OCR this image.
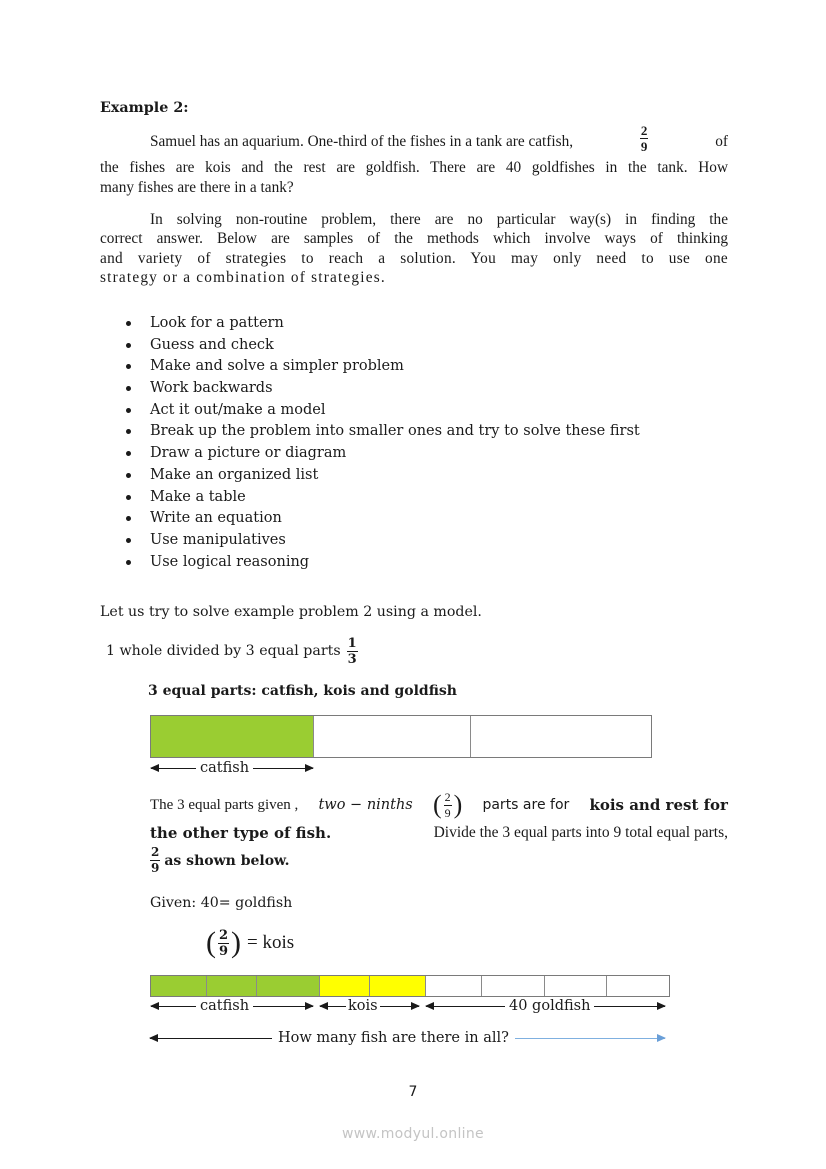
Example 2:
Samuel has an aquarium. One-third of the fishes in a tank are catfish,	$\frac{2}{9}$	of
the fishes are kois and the rest are goldfish. There are 40 goldfishes in the tank. How
many fishes are there in a tank?
In solving non-routine problem, there are no particular way(s) in finding the
correct answer. Below are samples of the methods which involve ways of thinking
and variety of strategies to reach a solution. You may only need to use one
strategy or a combination of strategies.
Look for a pattern
Guess and check
Make and solve a simpler problem
Work backwards
Act it out/make a model
Break up the problem into smaller ones and try to solve these first
Draw a picture or diagram
Make an organized list
Make a table
Write an equation
Use manipulatives
Use logical reasoning
Let us try to solve example problem 2 using a model.
1 whole divided by 3 equal parts $\frac{1}{3}$
3 equal parts: catfish, kois and goldfish
catfish
The 3 equal parts given , two − ninths ( $\frac{2}{9}$ ) parts are for kois and rest for
the other type of fish.	Divide the 3 equal parts into 9 total equal parts,
$\frac{2}{9}$ as shown below.
Given: 40= goldfish
( $\frac{2}{9}$ ) = kois
catfish	kois	40 goldfish
How many fish are there in all?
7
www.modyul.online
